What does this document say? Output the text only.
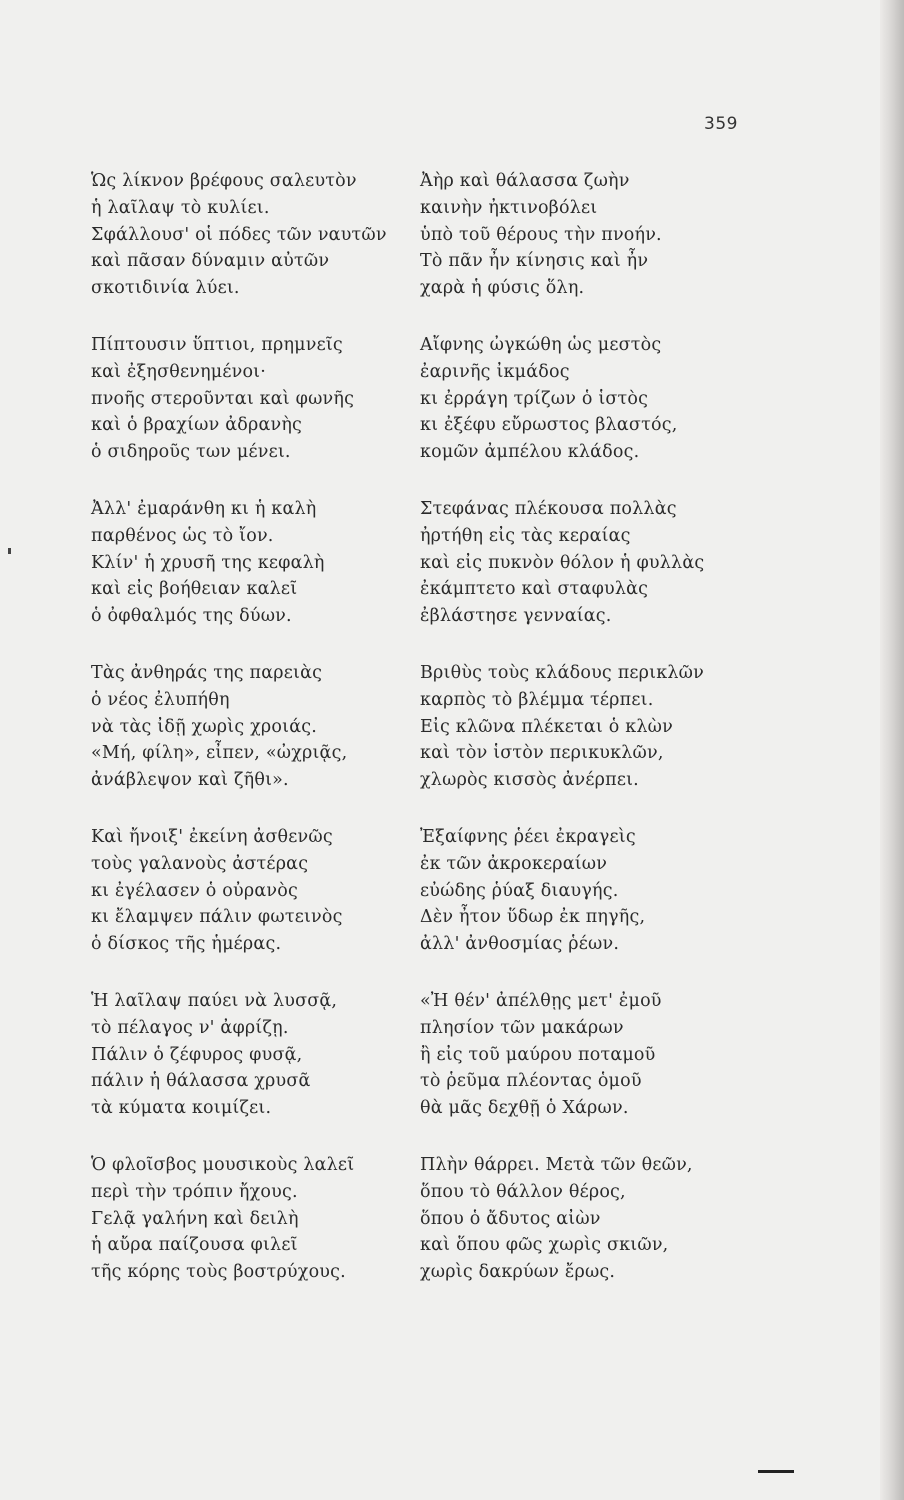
359
Ὡς λίκνον βρέφους σαλευτὸν
ἡ λαῖλαψ τὸ κυλίει.
Σφάλλουσ' οἱ πόδες τῶν ναυτῶν
καὶ πᾶσαν δύναμιν αὐτῶν
σκοτιδινία λύει.
Πίπτουσιν ὕπτιοι, πρημνεῖς
καὶ ἐξησθενημένοι·
πνοῆς στεροῦνται καὶ φωνῆς
καὶ ὁ βραχίων ἀδρανὴς
ὁ σιδηροῦς των μένει.
Ἀλλ' ἐμαράνθη κι ἡ καλὴ
παρθένος ὡς τὸ ἴον.
Κλίν' ἡ χρυσῆ της κεφαλὴ
καὶ εἰς βοήθειαν καλεῖ
ὁ ὀφθαλμός της δύων.
Τὰς ἀνθηράς της παρειὰς
ὁ νέος ἐλυπήθη
νὰ τὰς ἰδῇ χωρὶς χροιάς.
«Μή, φίλη», εἶπεν, «ὠχριᾷς,
ἀνάβλεψον καὶ ζῆθι».
Καὶ ἤνοιξ' ἐκείνη ἀσθενῶς
τοὺς γαλανοὺς ἀστέρας
κι ἐγέλασεν ὁ οὐρανὸς
κι ἔλαμψεν πάλιν φωτεινὸς
ὁ δίσκος τῆς ἡμέρας.
Ἡ λαῖλαψ παύει νὰ λυσσᾷ,
τὸ πέλαγος ν' ἀφρίζῃ.
Πάλιν ὁ ζέφυρος φυσᾷ,
πάλιν ἡ θάλασσα χρυσᾶ
τὰ κύματα κοιμίζει.
Ὁ φλοῖσβος μουσικοὺς λαλεῖ
περὶ τὴν τρόπιν ἤχους.
Γελᾷ γαλήνη καὶ δειλὴ
ἡ αὔρα παίζουσα φιλεῖ
τῆς κόρης τοὺς βοστρύχους.
Ἀὴρ καὶ θάλασσα ζωὴν
καινὴν ἠκτινοβόλει
ὑπὸ τοῦ θέρους τὴν πνοήν.
Τὸ πᾶν ἦν κίνησις καὶ ἦν
χαρὰ ἡ φύσις ὅλη.
Αἴφνης ὠγκώθη ὡς μεστὸς
ἐαρινῆς ἰκμάδος
κι ἐρράγη τρίζων ὁ ἱστὸς
κι ἐξέφυ εὔρωστος βλαστός,
κομῶν ἀμπέλου κλάδος.
Στεφάνας πλέκουσα πολλὰς
ἠρτήθη εἰς τὰς κεραίας
καὶ εἰς πυκνὸν θόλον ἡ φυλλὰς
ἐκάμπτετο καὶ σταφυλὰς
ἐβλάστησε γενναίας.
Βριθὺς τοὺς κλάδους περικλῶν
καρπὸς τὸ βλέμμα τέρπει.
Εἰς κλῶνα πλέκεται ὁ κλὼν
καὶ τὸν ἱστὸν περικυκλῶν,
χλωρὸς κισσὸς ἀνέρπει.
Ἐξαίφνης ῥέει ἐκραγεὶς
ἐκ τῶν ἀκροκεραίων
εὐώδης ῥύαξ διαυγής.
Δὲν ἦτον ὕδωρ ἐκ πηγῆς,
ἀλλ' ἀνθοσμίας ῥέων.
«Ἠ θέν' ἀπέλθῃς μετ' ἐμοῦ
πλησίον τῶν μακάρων
ἢ εἰς τοῦ μαύρου ποταμοῦ
τὸ ῥεῦμα πλέοντας ὁμοῦ
θὰ μᾶς δεχθῇ ὁ Χάρων.
Πλὴν θάρρει. Μετὰ τῶν θεῶν,
ὅπου τὸ θάλλον θέρος,
ὅπου ὁ ἄδυτος αἰὼν
καὶ ὅπου φῶς χωρὶς σκιῶν,
χωρὶς δακρύων ἔρως.
